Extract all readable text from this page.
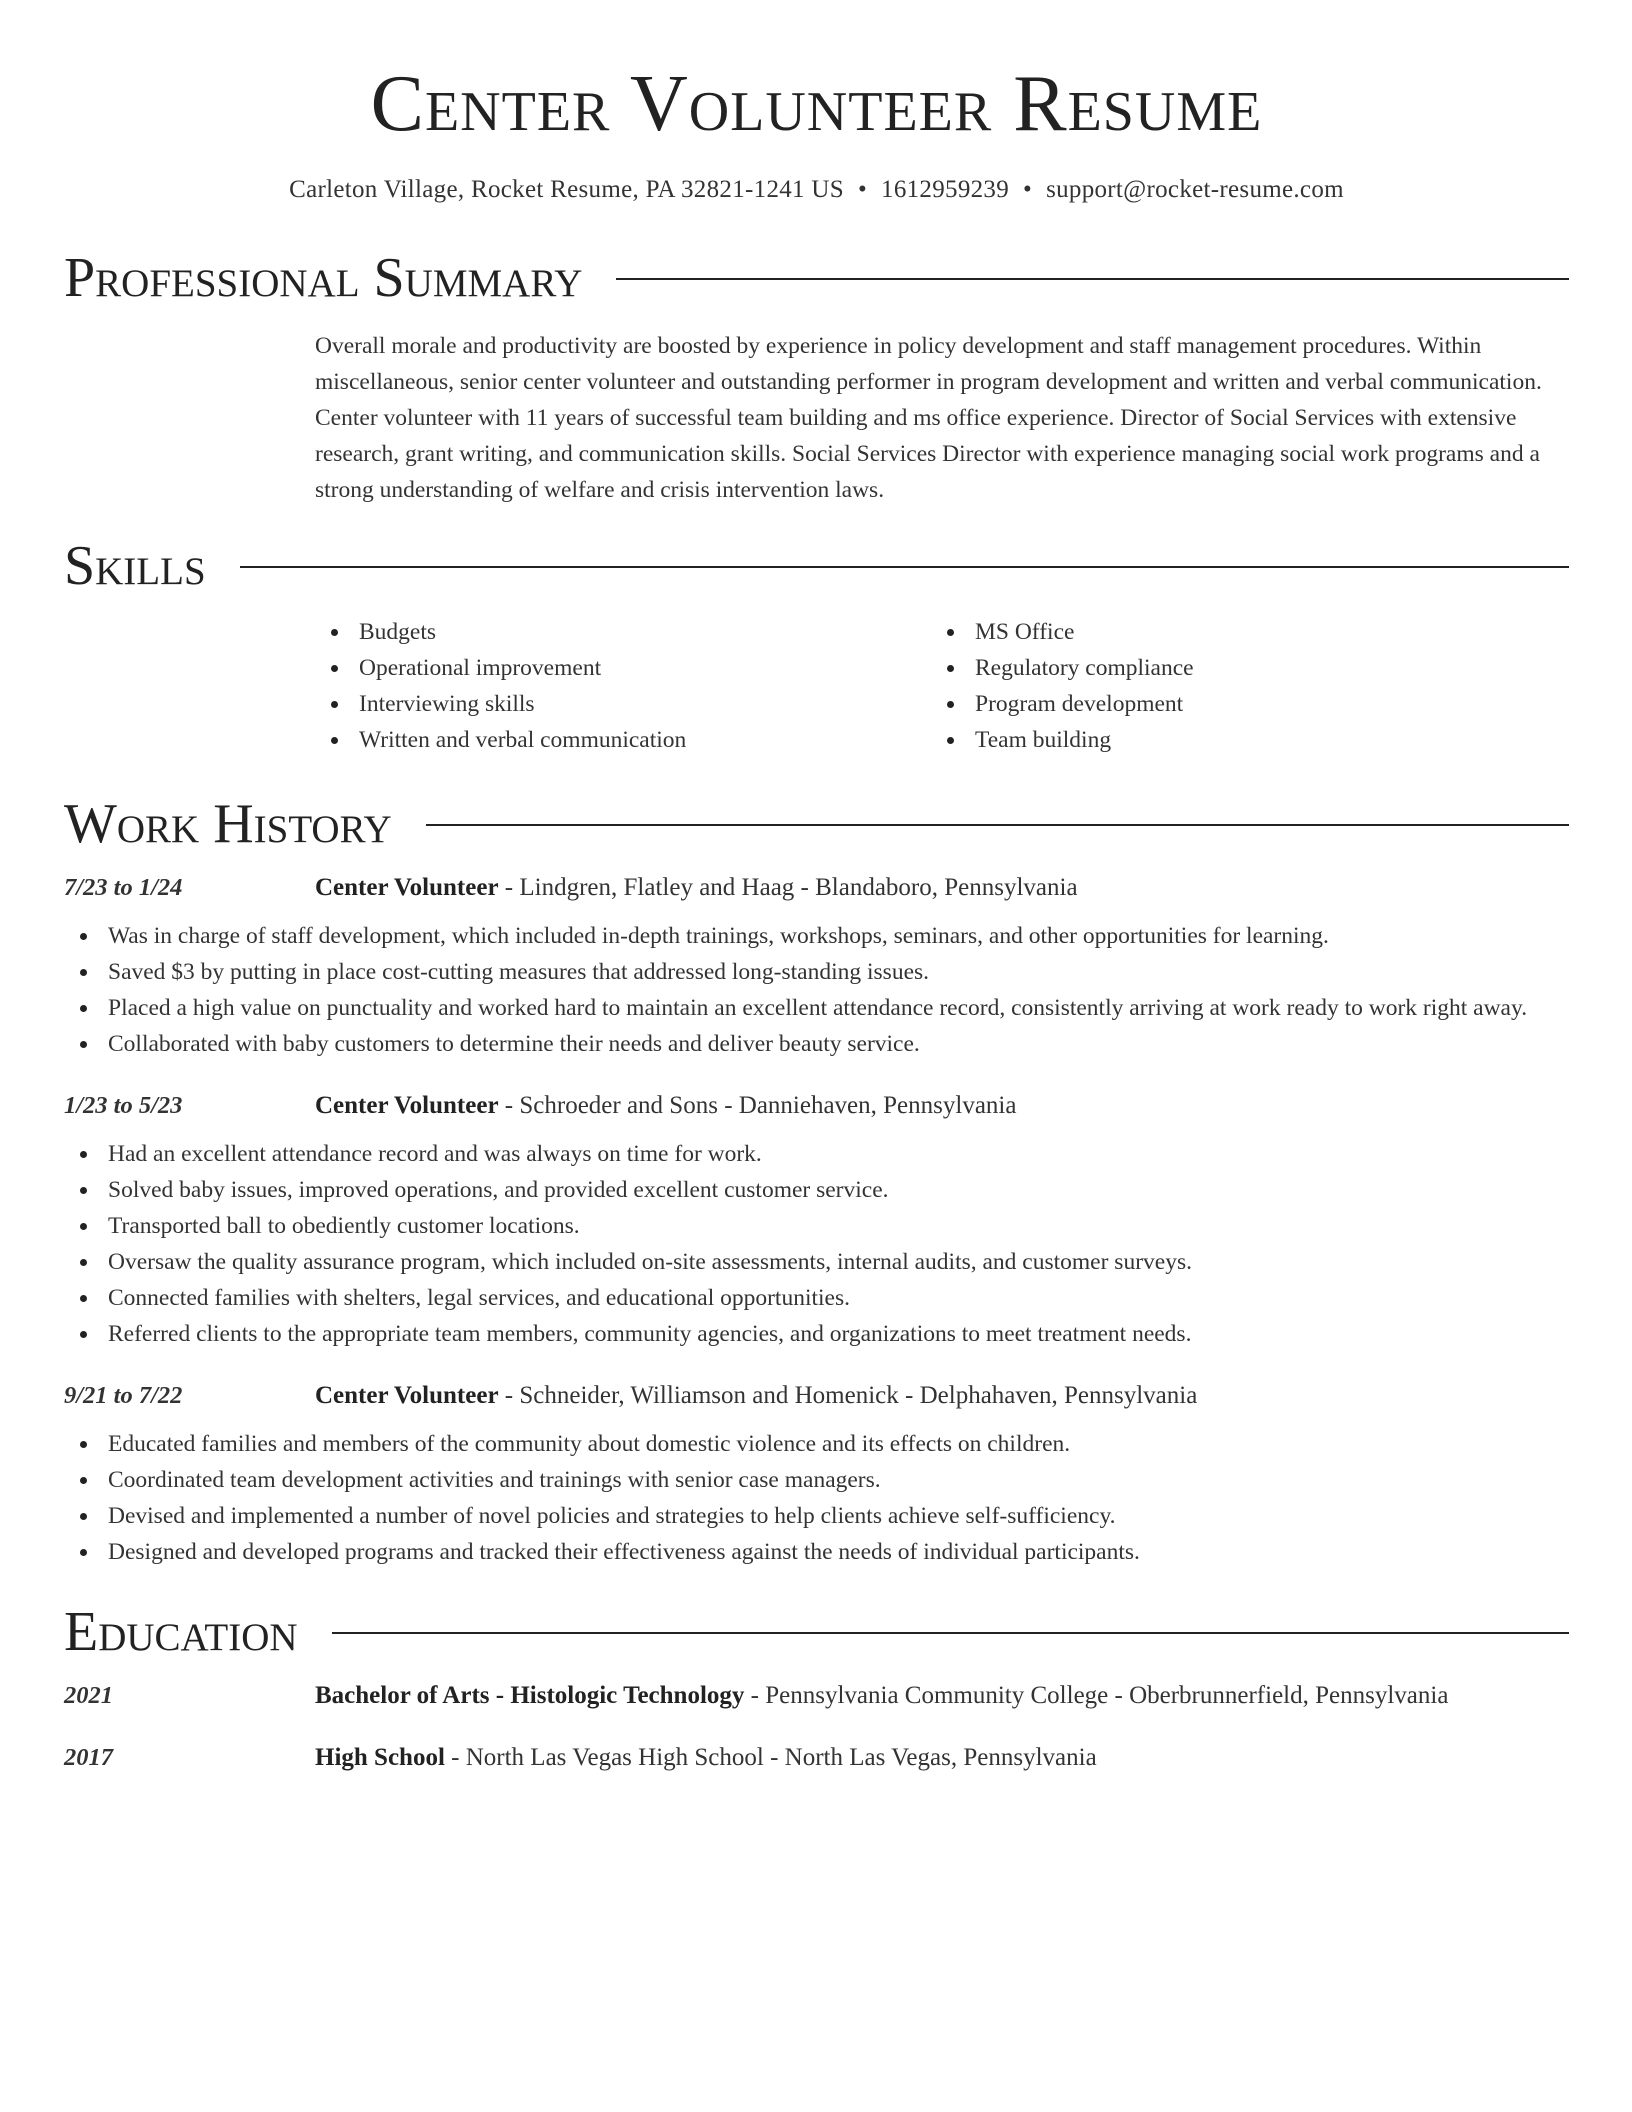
Center Volunteer Resume
Carleton Village, Rocket Resume, PA 32821-1241 US • 1612959239 • support@rocket-resume.com
Professional Summary
Overall morale and productivity are boosted by experience in policy development and staff management procedures. Within miscellaneous, senior center volunteer and outstanding performer in program development and written and verbal communication. Center volunteer with 11 years of successful team building and ms office experience. Director of Social Services with extensive research, grant writing, and communication skills. Social Services Director with experience managing social work programs and a strong understanding of welfare and crisis intervention laws.
Skills
Budgets
Operational improvement
Interviewing skills
Written and verbal communication
MS Office
Regulatory compliance
Program development
Team building
Work History
7/23 to 1/24	Center Volunteer - Lindgren, Flatley and Haag - Blandaboro, Pennsylvania
Was in charge of staff development, which included in-depth trainings, workshops, seminars, and other opportunities for learning.
Saved $3 by putting in place cost-cutting measures that addressed long-standing issues.
Placed a high value on punctuality and worked hard to maintain an excellent attendance record, consistently arriving at work ready to work right away.
Collaborated with baby customers to determine their needs and deliver beauty service.
1/23 to 5/23	Center Volunteer - Schroeder and Sons - Danniehaven, Pennsylvania
Had an excellent attendance record and was always on time for work.
Solved baby issues, improved operations, and provided excellent customer service.
Transported ball to obediently customer locations.
Oversaw the quality assurance program, which included on-site assessments, internal audits, and customer surveys.
Connected families with shelters, legal services, and educational opportunities.
Referred clients to the appropriate team members, community agencies, and organizations to meet treatment needs.
9/21 to 7/22	Center Volunteer - Schneider, Williamson and Homenick - Delphahaven, Pennsylvania
Educated families and members of the community about domestic violence and its effects on children.
Coordinated team development activities and trainings with senior case managers.
Devised and implemented a number of novel policies and strategies to help clients achieve self-sufficiency.
Designed and developed programs and tracked their effectiveness against the needs of individual participants.
Education
2021	Bachelor of Arts - Histologic Technology - Pennsylvania Community College - Oberbrunnerfield, Pennsylvania
2017	High School - North Las Vegas High School - North Las Vegas, Pennsylvania
